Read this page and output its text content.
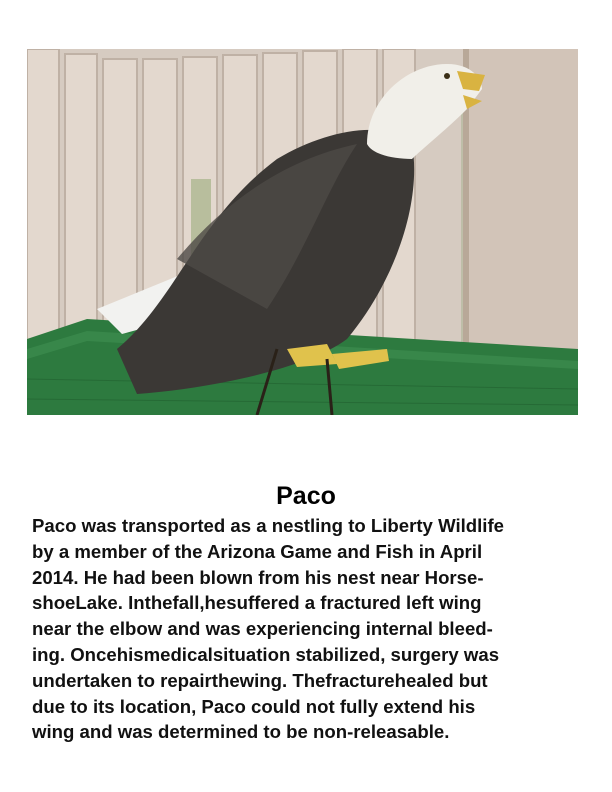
Paco

Paco was transported as a nestling to Liberty Wildlife
by a member of the Arizona Game and Fish in April
2014. He had been blown from his nest near Horse-
shoeLake. Inthefall,hesuffered a fractured left wing
near the elbow and was experiencing internal bleed-
ing. Oncehismedicalsituation stabilized, surgery was
undertaken to repairthewing. Thefracturehealed but
due to its location, Paco could not fully extend his
wing and was determined to be non-releasable.
